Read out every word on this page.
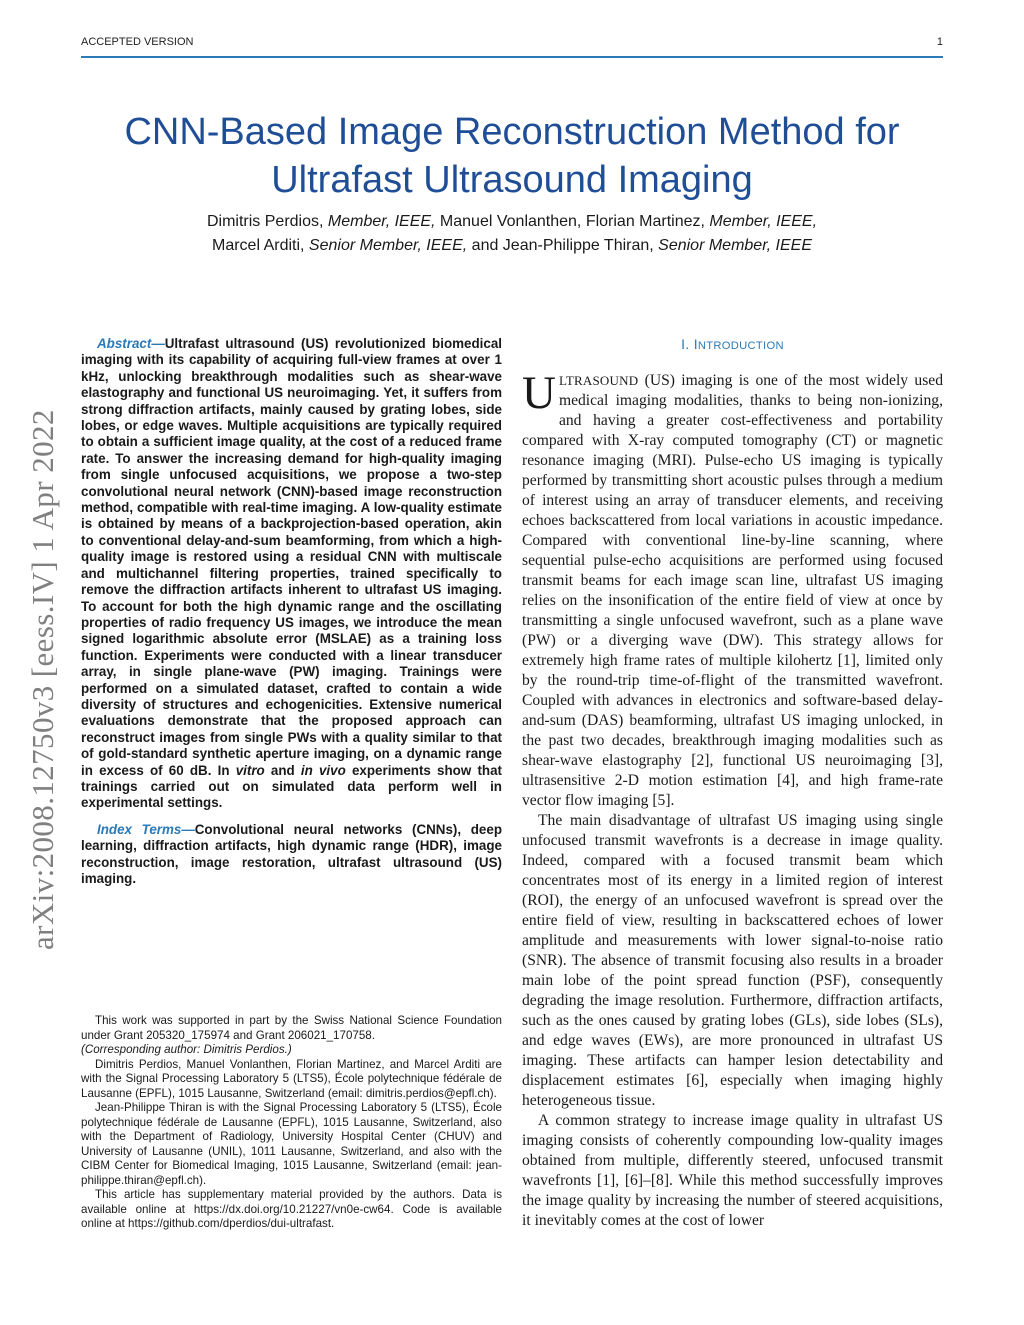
ACCEPTED VERSION	1
CNN-Based Image Reconstruction Method for
Ultrafast Ultrasound Imaging
Dimitris Perdios, Member, IEEE, Manuel Vonlanthen, Florian Martinez, Member, IEEE,
Marcel Arditi, Senior Member, IEEE, and Jean-Philippe Thiran, Senior Member, IEEE
arXiv:2008.12750v3 [eess.IV] 1 Apr 2022

Abstract—Ultrafast ultrasound (US) revolutionized biomedical imaging with its capability of acquiring full-view frames at over 1 kHz, unlocking breakthrough modalities such as shear-wave elastography and functional US neuroimaging. Yet, it suffers from strong diffraction artifacts, mainly caused by grating lobes, side lobes, or edge waves. Multiple acquisitions are typically required to obtain a sufficient image quality, at the cost of a reduced frame rate. To answer the increasing demand for high-quality imaging from single unfocused acquisitions, we propose a two-step convolutional neural network (CNN)-based image reconstruction method, compatible with real-time imaging. A low-quality estimate is obtained by means of a backprojection-based operation, akin to conventional delay-and-sum beamforming, from which a high-quality image is restored using a residual CNN with multiscale and multichannel filtering properties, trained specifically to remove the diffraction artifacts inherent to ultrafast US imaging. To account for both the high dynamic range and the oscillating properties of radio frequency US images, we introduce the mean signed logarithmic absolute error (MSLAE) as a training loss function. Experiments were conducted with a linear transducer array, in single plane-wave (PW) imaging. Trainings were performed on a simulated dataset, crafted to contain a wide diversity of structures and echogenicities. Extensive numerical evaluations demonstrate that the proposed approach can reconstruct images from single PWs with a quality similar to that of gold-standard synthetic aperture imaging, on a dynamic range in excess of 60 dB. In vitro and in vivo experiments show that trainings carried out on simulated data perform well in experimental settings.

Index Terms—Convolutional neural networks (CNNs), deep learning, diffraction artifacts, high dynamic range (HDR), image reconstruction, image restoration, ultrafast ultrasound (US) imaging.

This work was supported in part by the Swiss National Science Foundation under Grant 205320_175974 and Grant 206021_170758.

(Corresponding author: Dimitris Perdios.)

Dimitris Perdios, Manuel Vonlanthen, Florian Martinez, and Marcel Arditi are with the Signal Processing Laboratory 5 (LTS5), École polytechnique fédérale de Lausanne (EPFL), 1015 Lausanne, Switzerland (email: dimitris.perdios@epfl.ch).

Jean-Philippe Thiran is with the Signal Processing Laboratory 5 (LTS5), École polytechnique fédérale de Lausanne (EPFL), 1015 Lausanne, Switzerland, also with the Department of Radiology, University Hospital Center (CHUV) and University of Lausanne (UNIL), 1011 Lausanne, Switzerland, and also with the CIBM Center for Biomedical Imaging, 1015 Lausanne, Switzerland (email: jean-philippe.thiran@epfl.ch).

This article has supplementary material provided by the authors. Data is available online at https://dx.doi.org/10.21227/vn0e-cw64. Code is available online at https://github.com/dperdios/dui-ultrafast.

I. INTRODUCTION

ULTRASOUND (US) imaging is one of the most widely used medical imaging modalities, thanks to being non-ionizing, and having a greater cost-effectiveness and portability compared with X-ray computed tomography (CT) or magnetic resonance imaging (MRI). Pulse-echo US imaging is typically performed by transmitting short acoustic pulses through a medium of interest using an array of transducer elements, and receiving echoes backscattered from local variations in acoustic impedance. Compared with conventional line-by-line scanning, where sequential pulse-echo acquisitions are performed using focused transmit beams for each image scan line, ultrafast US imaging relies on the insonification of the entire field of view at once by transmitting a single unfocused wavefront, such as a plane wave (PW) or a diverging wave (DW). This strategy allows for extremely high frame rates of multiple kilohertz [1], limited only by the round-trip time-of-flight of the transmitted wavefront. Coupled with advances in electronics and software-based delay-and-sum (DAS) beamforming, ultrafast US imaging unlocked, in the past two decades, breakthrough imaging modalities such as shear-wave elastography [2], functional US neuroimaging [3], ultrasensitive 2-D motion estimation [4], and high frame-rate vector flow imaging [5].

The main disadvantage of ultrafast US imaging using single unfocused transmit wavefronts is a decrease in image quality. Indeed, compared with a focused transmit beam which concentrates most of its energy in a limited region of interest (ROI), the energy of an unfocused wavefront is spread over the entire field of view, resulting in backscattered echoes of lower amplitude and measurements with lower signal-to-noise ratio (SNR). The absence of transmit focusing also results in a broader main lobe of the point spread function (PSF), consequently degrading the image resolution. Furthermore, diffraction artifacts, such as the ones caused by grating lobes (GLs), side lobes (SLs), and edge waves (EWs), are more pronounced in ultrafast US imaging. These artifacts can hamper lesion detectability and displacement estimates [6], especially when imaging highly heterogeneous tissue.

A common strategy to increase image quality in ultrafast US imaging consists of coherently compounding low-quality images obtained from multiple, differently steered, unfocused transmit wavefronts [1], [6]–[8]. While this method successfully improves the image quality by increasing the number of steered acquisitions, it inevitably comes at the cost of lower
